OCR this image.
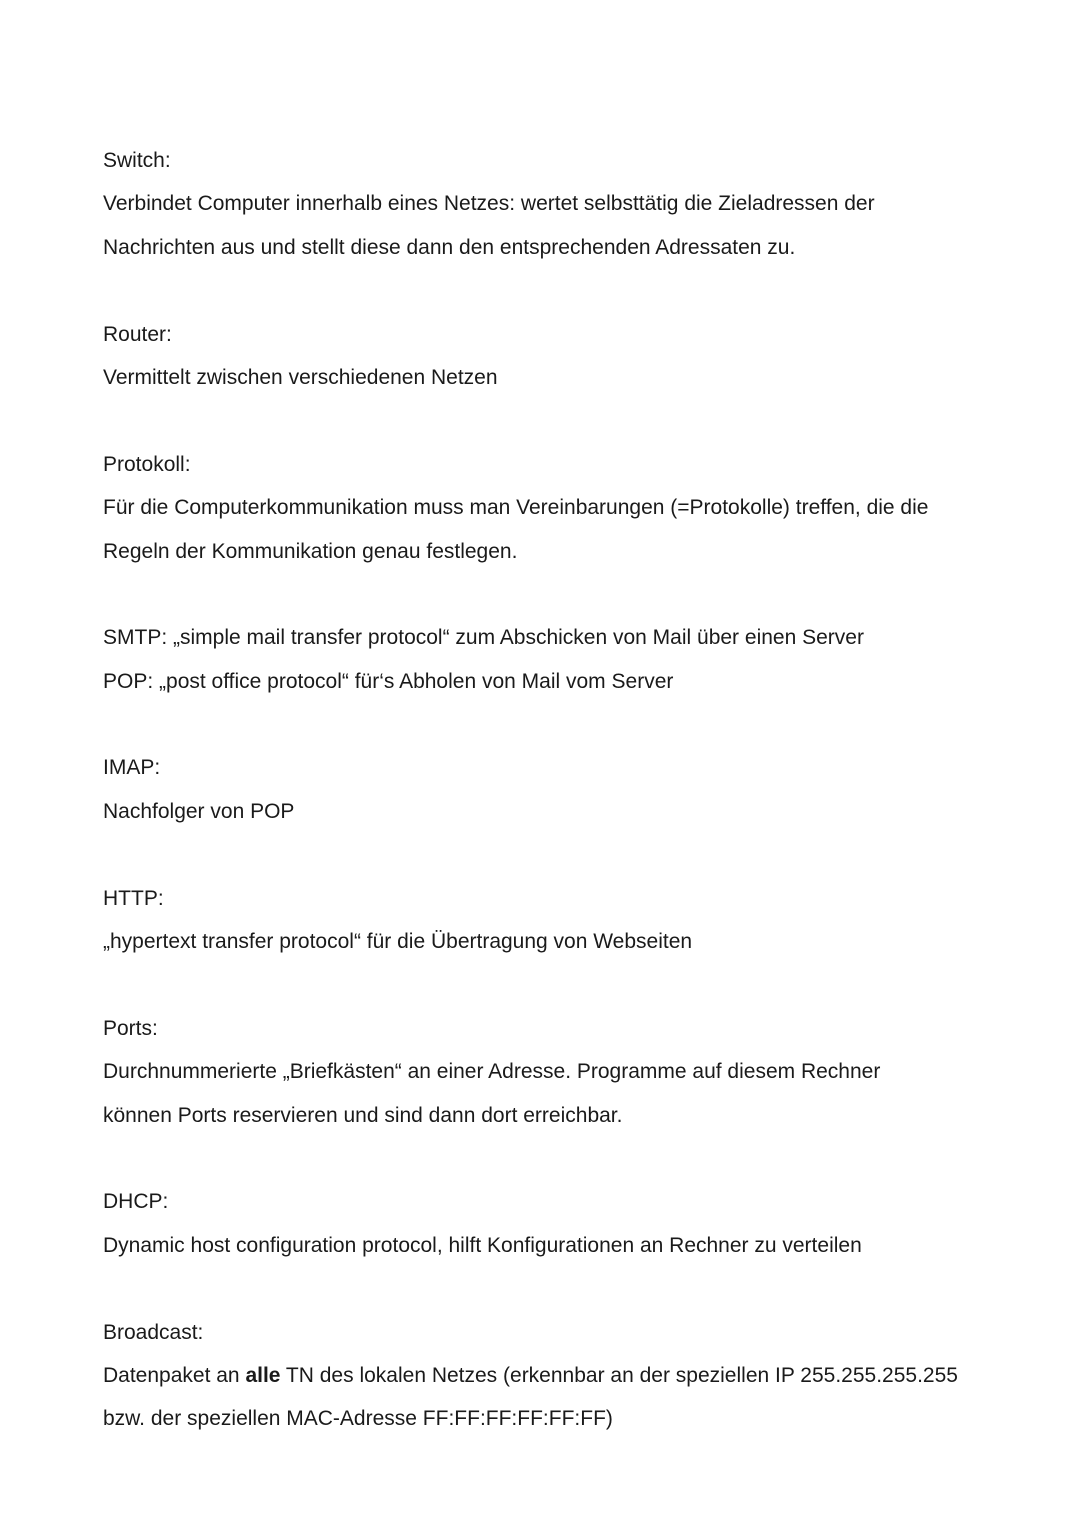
Switch:

Verbindet Computer innerhalb eines Netzes: wertet selbsttätig die Zieladressen der

Nachrichten aus und stellt diese dann den entsprechenden Adressaten zu.

Router:

Vermittelt zwischen verschiedenen Netzen

Protokoll:

Für die Computerkommunikation muss man Vereinbarungen (=Protokolle) treffen, die die

Regeln der Kommunikation genau festlegen.

SMTP: „simple mail transfer protocol“ zum Abschicken von Mail über einen Server

POP: „post office protocol“ für‘s Abholen von Mail vom Server

IMAP:

Nachfolger von POP

HTTP:

„hypertext transfer protocol“ für die Übertragung von Webseiten

Ports:

Durchnummerierte „Briefkästen“ an einer Adresse. Programme auf diesem Rechner

können Ports reservieren und sind dann dort erreichbar.

DHCP:

Dynamic host configuration protocol, hilft Konfigurationen an Rechner zu verteilen

Broadcast:

Datenpaket an alle TN des lokalen Netzes (erkennbar an der speziellen IP 255.255.255.255

bzw. der speziellen MAC-Adresse FF:FF:FF:FF:FF:FF)
